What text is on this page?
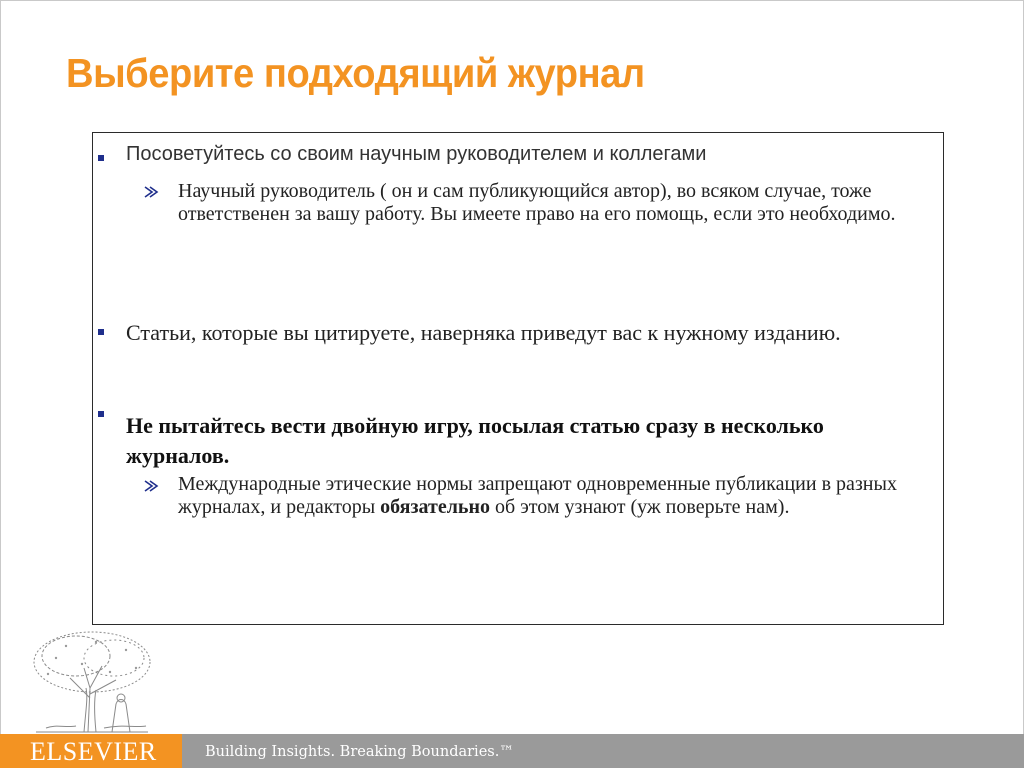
Выберите подходящий журнал
Посоветуйтесь со своим научным руководителем и коллегами
Научный руководитель ( он и сам публикующийся автор), во всяком случае, тоже ответственен за вашу работу. Вы имеете право на его помощь, если это необходимо.
Статьи, которые вы цитируете, наверняка приведут вас к нужному изданию.
Не пытайтесь вести двойную игру, посылая статью сразу в несколько журналов.
Международные этические нормы запрещают одновременные публикации в разных журналах, и редакторы обязательно об этом узнают (уж поверьте нам).
ELSEVIER	Building Insights. Breaking Boundaries.™
